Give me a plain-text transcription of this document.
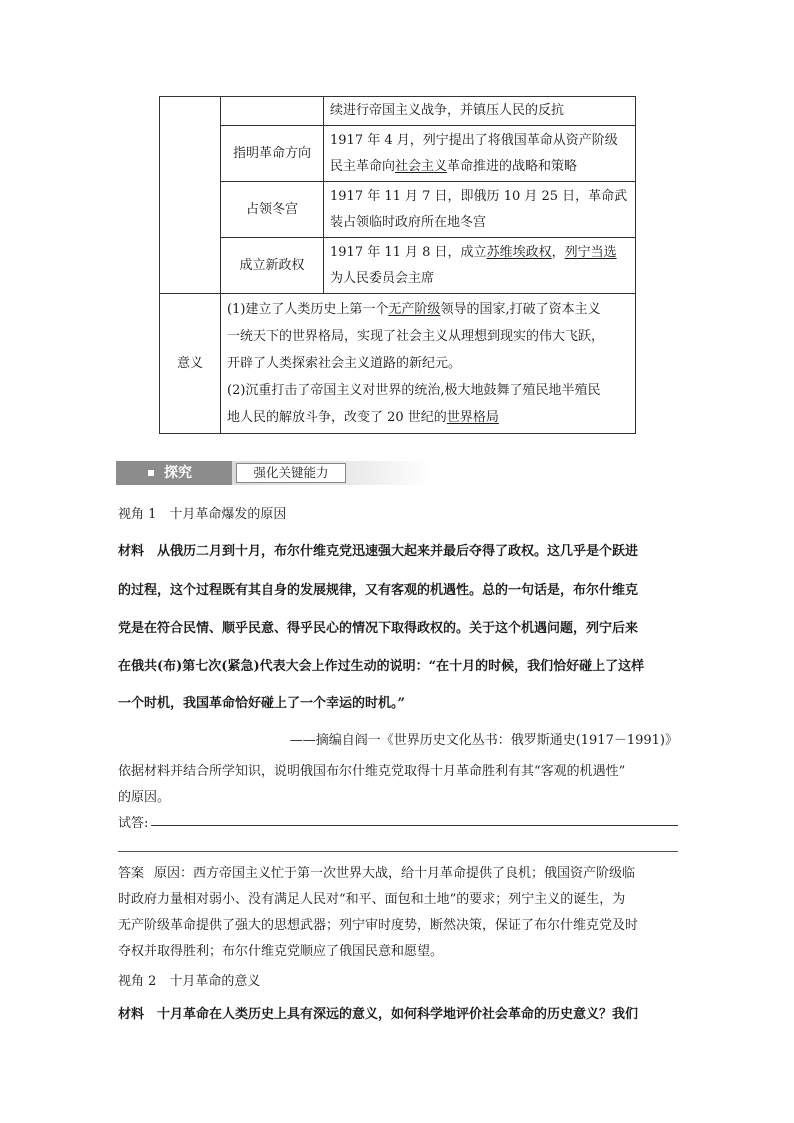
		续进行帝国主义战争，并镇压人民的反抗
	指明革命方向	1917 年 4 月，列宁提出了将俄国革命从资产阶级
民主革命向社会主义革命推进的战略和策略

	占领冬宫	1917 年 11 月 7 日，即俄历 10 月 25 日，革命武
装占领临时政府所在地冬宫

	成立新政权	1917 年 11 月 8 日，成立苏维埃政权，列宁当选
为人民委员会主席

意义	(1)建立了人类历史上第一个无产阶级领导的国家,打破了资本主义
一统天下的世界格局，实现了社会主义从理想到现实的伟大飞跃，
开辟了人类探索社会主义道路的新纪元。
(2)沉重打击了帝国主义对世界的统治,极大地鼓舞了殖民地半殖民
地人民的解放斗争，改变了 20 世纪的世界格局	
探究	强化关键能力
视角 1　十月革命爆发的原因
材料 从俄历二月到十月，布尔什维克党迅速强大起来并最后夺得了政权。这几乎是个跃进
的过程，这个过程既有其自身的发展规律，又有客观的机遇性。总的一句话是，布尔什维克
党是在符合民情、顺乎民意、得乎民心的情况下取得政权的。关于这个机遇问题，列宁后来
在俄共(布)第七次(紧急)代表大会上作过生动的说明：“在十月的时候，我们恰好碰上了这样
一个时机，我国革命恰好碰上了一个幸运的时机。”
——摘编自阎一《世界历史文化丛书：俄罗斯通史(1917－1991)》
依据材料并结合所学知识，说明俄国布尔什维克党取得十月革命胜利有其“客观的机遇性”
的原因。
试答:
答案 原因：西方帝国主义忙于第一次世界大战，给十月革命提供了良机；俄国资产阶级临
时政府力量相对弱小、没有满足人民对“和平、面包和土地”的要求；列宁主义的诞生，为
无产阶级革命提供了强大的思想武器；列宁审时度势，断然决策，保证了布尔什维克党及时
夺权并取得胜利；布尔什维克党顺应了俄国民意和愿望。
视角 2　十月革命的意义
材料 十月革命在人类历史上具有深远的意义，如何科学地评价社会革命的历史意义？我们
